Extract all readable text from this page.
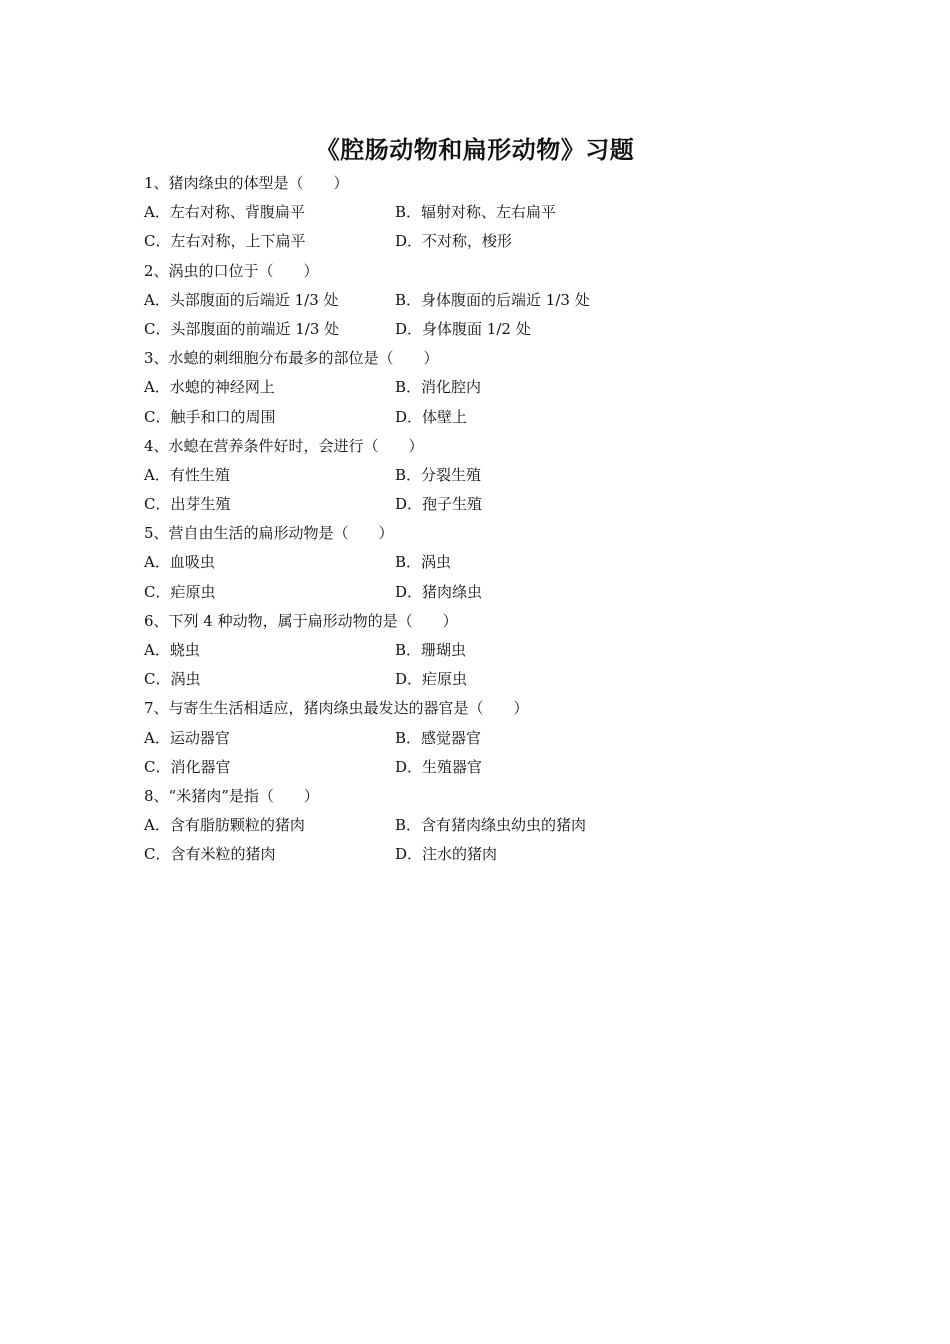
《腔肠动物和扁形动物》习题
1、猪肉绦虫的体型是（　　）
A．左右对称、背腹扁平	B．辐射对称、左右扁平
C．左右对称，上下扁平	D．不对称，梭形
2、涡虫的口位于（　　）
A．头部腹面的后端近 1/3 处	B．身体腹面的后端近 1/3 处
C．头部腹面的前端近 1/3 处	D．身体腹面 1/2 处
3、水螅的刺细胞分布最多的部位是（　　）
A．水螅的神经网上	B．消化腔内
C．触手和口的周围	D．体壁上
4、水螅在营养条件好时，会进行（　　）
A．有性生殖	B．分裂生殖
C．出芽生殖	D．孢子生殖
5、营自由生活的扁形动物是（　　）
A．血吸虫	B．涡虫
C．疟原虫	D．猪肉绦虫
6、下列 4 种动物，属于扁形动物的是（　　）
A．蛲虫	B．珊瑚虫
C．涡虫	D．疟原虫
7、与寄生生活相适应，猪肉绦虫最发达的器官是（　　）
A．运动器官	B．感觉器官
C．消化器官	D．生殖器官
8、“米猪肉”是指（　　）
A．含有脂肪颗粒的猪肉	B．含有猪肉绦虫幼虫的猪肉
C．含有米粒的猪肉	D．注水的猪肉
